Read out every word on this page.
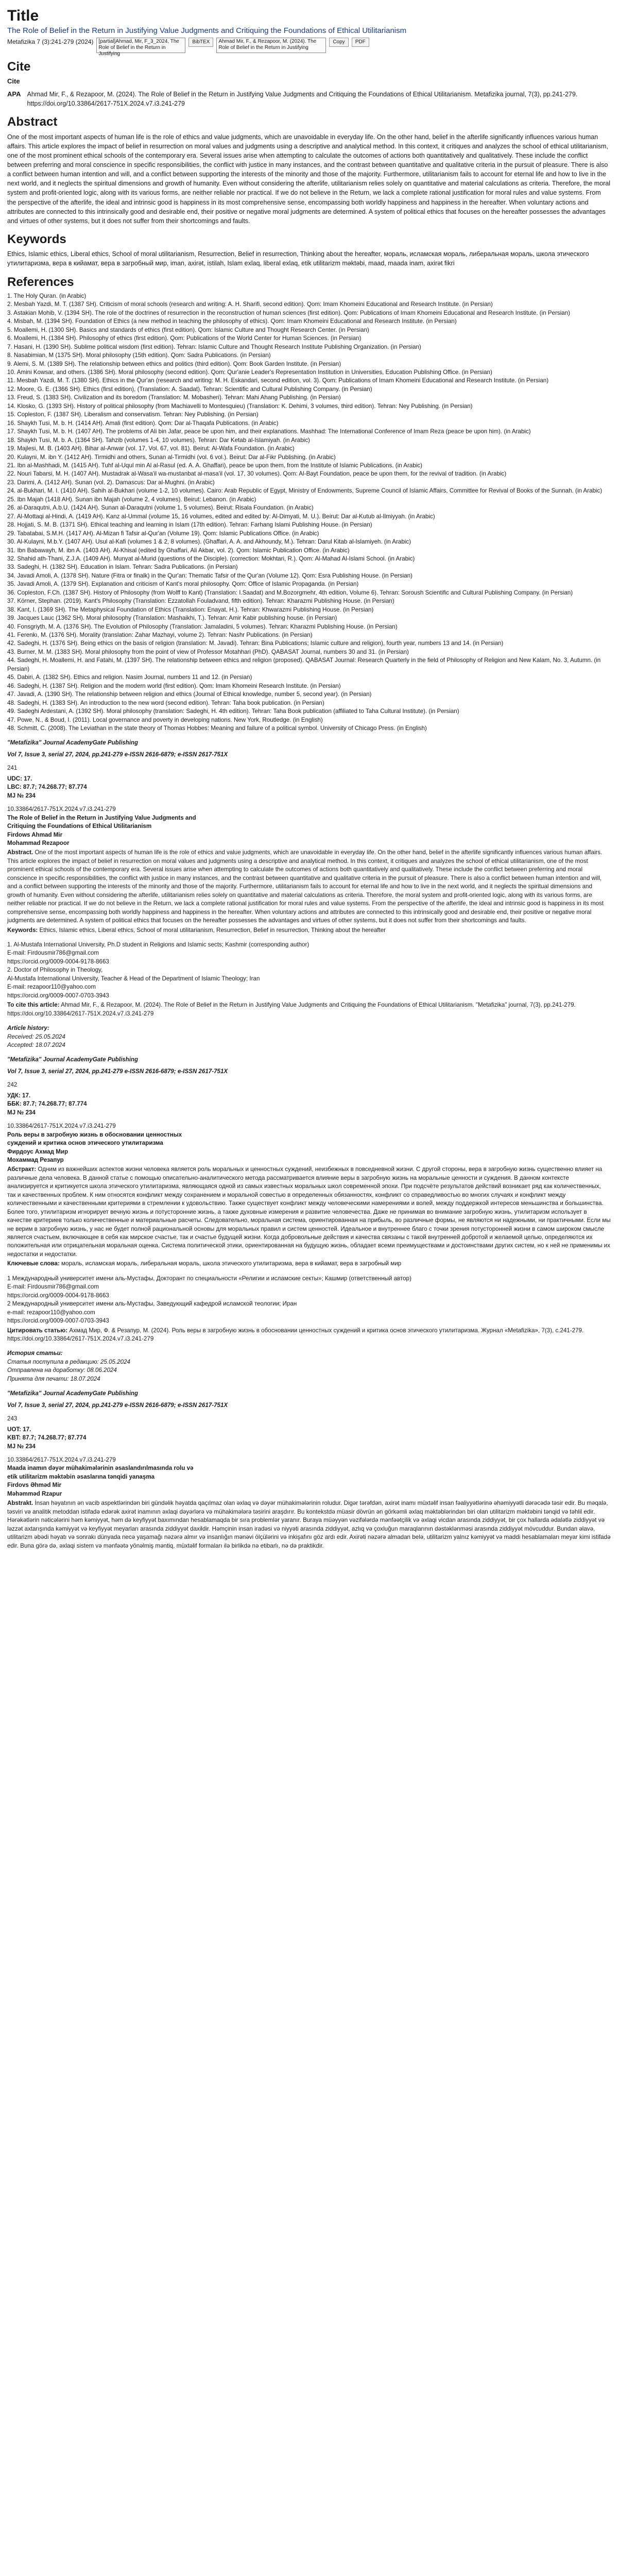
Title
The Role of Belief in the Return in Justifying Value Judgments and Critiquing the Foundations of Ethical Utilitarianism
Metafizika 7 (3):241-279 (2024)	[partial]Ahmad, Mir, F_3_2024, The Role of Belief in the Return in Justifying
BibTEX	Ahmad Mir, F., & Rezapoor, M. (2024). The Role of Belief in the Return in Justifying
Copy	PDF
Cite
Cite
APA Ahmad Mir, F., & Rezapoor, M. (2024). The Role of Belief in the Return in Justifying Value Judgments and Critiquing the Foundations of Ethical Utilitarianism. Metafizika journal, 7(3), pp.241-279. https://doi.org/10.33864/2617-751X.2024.v7.i3.241-279
Abstract

One of the most important aspects of human life is the role of ethics and value judgments, which are unavoidable in everyday life. On the other hand, belief in the afterlife significantly influences various human affairs. This article explores the impact of belief in resurrection on moral values and judgments using a descriptive and analytical method. In this context, it critiques and analyzes the school of ethical utilitarianism, one of the most prominent ethical schools of the contemporary era. Several issues arise when attempting to calculate the outcomes of actions both quantitatively and qualitatively. These include the conflict between preferring and moral conscience in specific responsibilities, the conflict with justice in many instances, and the contrast between quantitative and qualitative criteria in the pursuit of pleasure. There is also a conflict between human intention and will, and a conflict between supporting the interests of the minority and those of the majority. Furthermore, utilitarianism fails to account for eternal life and how to live in the next world, and it neglects the spiritual dimensions and growth of humanity. Even without considering the afterlife, utilitarianism relies solely on quantitative and material calculations as criteria. Therefore, the moral system and profit-oriented logic, along with its various forms, are neither reliable nor practical. If we do not believe in the Return, we lack a complete rational justification for moral rules and value systems. From the perspective of the afterlife, the ideal and intrinsic good is happiness in its most comprehensive sense, encompassing both worldly happiness and happiness in the hereafter. When voluntary actions and attributes are connected to this intrinsically good and desirable end, their positive or negative moral judgments are determined. A system of political ethics that focuses on the hereafter possesses the advantages and virtues of other systems, but it does not suffer from their shortcomings and faults.

Keywords

Ethics, Islamic ethics, Liberal ethics, School of moral utilitarianism, Resurrection, Belief in resurrection, Thinking about the hereafter, мораль, исламская мораль, либеральная мораль, школа этического утилитаризма, вера в кийамат, вера в загробный мир, iman, axirət, istilah, Islam exlaq, liberal exlaq, etik utilitarizm məktəbi, maad, maada inam, axirət fikri

References
1. The Holy Quran. (in Arabic)
2. Mesbah Yazdi, M. T. (1387 SH). Criticism of moral schools (research and writing: A. H. Sharifi, second edition). Qom: Imam Khomeini Educational and Research Institute. (in Persian)
3. Astakian Mohib, V. (1394 SH). The role of the doctrines of resurrection in the reconstruction of human sciences (first edition). Qom: Publications of Imam Khomeini Educational and Research Institute. (in Persian)
4. Misbah, M. (1394 SH). Foundation of Ethics (a new method in teaching the philosophy of ethics). Qom: Imam Khomeini Educational and Research Institute. (in Persian)
5. Moallemi, H. (1300 SH). Basics and standards of ethics (first edition). Qom: Islamic Culture and Thought Research Center. (in Persian)
6. Moallemi, H. (1384 SH). Philosophy of ethics (first edition). Qom: Publications of the World Center for Human Sciences. (in Persian)
7. Hasani, H. (1390 SH). Sublime political wisdom (first edition). Tehran: Islamic Culture and Thought Research Institute Publishing Organization. (in Persian)
8. Nasabimian, M (1375 SH). Moral philosophy (15th edition). Qom: Sadra Publications. (in Persian)
9. Alemi, S. M. (1389 SH). The relationship between ethics and politics (third edition). Qom: Book Garden Institute. (in Persian)
10. Amini Kowsar, and others. (1386 SH). Moral philosophy (second edition). Qom: Qur'anie Leader's Representation Institution in Universities, Education Publishing Office. (in Persian)
11. Mesbah Yazdi, M. T. (1380 SH). Ethics in the Qur'an (research and writing: M. H. Eskandari, second edition, vol. 3). Qom: Publications of Imam Khomeini Educational and Research Institute. (in Persian)
12. Moore, G. E. (1366 SH). Ethics (first edition), (Translation: A. Saadat). Tehran: Scientific and Cultural Publishing Company. (in Persian)
13. Freud, S. (1383 SH). Civilization and its boredom (Translation: M. Mobasheri). Tehran: Mahi Ahang Publishing. (in Persian)
14. Klosko, G. (1393 SH). History of political philosophy (from Machiavelli to Montesquieu) (Translation: K. Dehimi, 3 volumes, third edition). Tehran: Ney Publishing. (in Persian)
15. Copleston, F. (1387 SH). Liberalism and conservatism. Tehran: Ney Publishing. (in Persian)
16. Shaykh Tusi, M. b. H. (1414 AH). Amali (first edition). Qom: Dar al-Thaqafa Publications. (in Arabic)
17. Shaykh Tusi, M. b. H. (1407 AH). The problems of Ali bin Jafar, peace be upon him, and their explanations. Mashhad: The International Conference of Imam Reza (peace be upon him). (in Arabic)
18. Shaykh Tusi, M. b. A. (1364 SH). Tahzib (volumes 1-4, 10 volumes). Tehran: Dar Ketab al-Islamiyah. (in Arabic)
19. Majlesi, M. B. (1403 AH). Bihar al-Anwar (vol. 17, Vol. 67, vol. 81). Beirut: Al-Wafa Foundation. (in Arabic)
20. Kulayni, M. ibn Y. (1412 AH). Tirmidhi and others, Sunan al-Tirmidhi (vol. 6 vol.). Beirut: Dar al-Fikr Publishing. (in Arabic)
21. Ibn al-Mashhadi, M. (1415 AH). Tuhf al-Uqul min Al al-Rasul (ed. A. A. Ghaffari), peace be upon them, from the Institute of Islamic Publications. (in Arabic)
22. Nouri Tabarsi, M. H. (1407 AH). Mustadrak al-Wasa'il wa-mustanbat al-masa'il (vol. 17, 30 volumes). Qom: Al-Bayt Foundation, peace be upon them, for the revival of tradition. (in Arabic)
23. Darimi, A. (1412 AH). Sunan (vol. 2). Damascus: Dar al-Mughni. (in Arabic)
24. al-Bukhari, M. I. (1410 AH). Sahih al-Bukhari (volume 1-2, 10 volumes). Cairo: Arab Republic of Egypt, Ministry of Endowments, Supreme Council of Islamic Affairs, Committee for Revival of Books of the Sunnah. (in Arabic)
25. Ibn Majah (1418 AH). Sunan ibn Majah (volume 2, 4 volumes). Beirut: Lebanon. (in Arabic)
26. al-Daraqutni, A.b.U. (1424 AH). Sunan al-Daraqutni (volume 1, 5 volumes). Beirut: Risala Foundation. (in Arabic)
27. Al-Mottaqi al-Hindi, A. (1419 AH). Kanz al-Ummal (volume 15, 16 volumes, edited and edited by: Al-Dimyati, M. U.). Beirut: Dar al-Kutub al-Ilmiyyah. (in Arabic)
28. Hojjati, S. M. B. (1371 SH). Ethical teaching and learning in Islam (17th edition). Tehran: Farhang Islami Publishing House. (in Persian)
29. Tabatabai, S.M.H. (1417 AH). Al-Mizan fi Tafsir al-Qur'an (Volume 19). Qom: Islamic Publications Office. (in Arabic)
30. Al-Kulayni, M.b.Y. (1407 AH). Usul al-Kafi (volumes 1 & 2, 8 volumes). (Ghaffari, A. A. and Akhoundy, M.). Tehran: Darul Kitab al-Islamiyeh. (in Arabic)
31. Ibn Babawayh, M. ibn A. (1403 AH). Al-Khisal (edited by Ghaffari, Ali Akbar, vol. 2). Qom: Islamic Publication Office. (in Arabic)
32. Shahid ath-Thani, Z.J.A. (1409 AH). Munyat al-Murid (questions of the Disciple). (correction: Mokhtari, R.). Qom: Al-Mahad Al-Islami School. (in Arabic)
33. Sadeghi, H. (1382 SH). Education in Islam. Tehran: Sadra Publications. (in Persian)
34. Javadi Amoli, A. (1378 SH). Nature (Fitra or finalk) in the Qur'an: Thematic Tafsir of the Qur'an (Volume 12). Qom: Esra Publishing House. (in Persian)
35. Javadi Amoli, A. (1379 SH). Explanation and criticism of Kant's moral philosophy. Qom: Office of Islamic Propaganda. (in Persian)
36. Copleston, F.Ch. (1387 SH). History of Philosophy (from Wolff to Kant) (Translation: I.Saadat) and M.Bozorgmehr, 4th edition, Volume 6). Tehran: Soroush Scientific and Cultural Publishing Company. (in Persian)
37. Körner, Stephan. (2019). Kant's Philosophy (Translation: Ezzatollah Fouladvand, fifth edition). Tehran: Kharazmi Publishing House. (in Persian)
38. Kant, I. (1369 SH). The Metaphysical Foundation of Ethics (Translation: Enayat, H.). Tehran: Khwarazmi Publishing House. (in Persian)
39. Jacques Lauc (1362 SH). Moral philosophy (Translation: Mashaikhi, T.). Tehran: Amir Kabir publishing house. (in Persian)
40. Fonsgriyth, M. A. (1376 SH). The Evolution of Philosophy (Translation: Jamaladini, 5 volumes). Tehran: Kharazmi Publishing House. (in Persian)
41. Ferenkı, M. (1376 SH). Morality (translation: Zahar Mazhayi, volume 2). Tehran: Nashr Publications. (in Persian)
42. Sadeghi, H. (1376 SH). Being ethics on the basis of religion (translation: M. Javadi). Tehran: Bina Publications; Islamic culture and religion), fourth year, numbers 13 and 14. (in Persian)
43. Burner, M. M. (1383 SH). Moral philosophy from the point of view of Professor Motahhari (PhD). QABASAT Journal, numbers 30 and 31. (in Persian)
44. Sadeghi, H. Moallemi, H. and Fatahi, M. (1397 SH). The relationship between ethics and religion (proposed). QABASAT Journal: Research Quarterly in the field of Philosophy of Religion and New Kalam, No. 3, Autumn. (in Persian)
45. Dabiri, A. (1382 SH). Ethics and religion. Nasim Journal, numbers 11 and 12. (in Persian)
46. Sadeghi, H. (1387 SH). Religion and the modern world (first edition). Qom: Imam Khomeini Research Institute. (in Persian)
47. Javadi, A. (1390 SH). The relationship between religion and ethics (Journal of Ethical knowledge, number 5, second year). (in Persian)
48. Sadeghi, H. (1383 SH). An introduction to the new word (second edition). Tehran: Taha book publication. (in Persian)
49. Sadeghi Ardestani, A. (1392 SH). Moral philosophy (translation: Sadeghi, H. 4th edition). Tehran: Taha Book publication (affiliated to Taha Cultural Institute). (in Persian)
47. Powe, N., & Boud, I. (2011). Local governance and poverty in developing nations. New York, Routledge. (in English)
48. Schmitt, C. (2008). The Leviathan in the state theory of Thomas Hobbes: Meaning and failure of a political symbol. University of Chicago Press. (in English)
"Metafizika" Journal AcademyGate Publishing
Vol 7, Issue 3, serial 27, 2024, pp.241-279 e-ISSN 2616-6879; e-ISSN 2617-751X
241
UDC: 17.
LBC: 87.7; 74.268.77; 87.774
MJ № 234
10.33864/2617-751X.2024.v7.i3.241-279
The Role of Belief in the Return in Justifying Value Judgments and
Critiquing the Foundations of Ethical Utilitarianism
Firdows Ahmad Mir
Mohammad Rezapoor

Abstract. One of the most important aspects of human life is the role of ethics and value judgments, which are unavoidable in everyday life. On the other hand, belief in the afterlife significantly influences various human affairs. This article explores the impact of belief in resurrection on moral values and judgments using a descriptive and analytical method. In this context, it critiques and analyzes the school of ethical utilitarianism, one of the most prominent ethical schools of the contemporary era. Several issues arise when attempting to calculate the outcomes of actions both quantitatively and qualitatively. These include the conflict between preferring and moral conscience in specific responsibilities, the conflict with justice in many instances, and the contrast between quantitative and qualitative criteria in the pursuit of pleasure. There is also a conflict between human intention and will, and a conflict between supporting the interests of the minority and those of the majority. Furthermore, utilitarianism fails to account for eternal life and how to live in the next world, and it neglects the spiritual dimensions and growth of humanity. Even without considering the afterlife, utilitarianism relies solely on quantitative and material calculations as criteria. Therefore, the moral system and profit-oriented logic, along with its various forms, are neither reliable nor practical. If we do not believe in the Return, we lack a complete rational justification for moral rules and value systems. From the perspective of the afterlife, the ideal and intrinsic good is happiness in its most comprehensive sense, encompassing both worldly happiness and happiness in the hereafter. When voluntary actions and attributes are connected to this intrinsically good and desirable end, their positive or negative moral judgments are determined. A system of political ethics that focuses on the hereafter possesses the advantages and virtues of other systems, but it does not suffer from their shortcomings and faults.

Keywords: Ethics, Islamic ethics, Liberal ethics, School of moral utilitarianism, Resurrection, Belief in resurrection, Thinking about the hereafter

1. Al-Mustafa International University, Ph.D student in Religions and Islamic sects; Kashmir (corresponding author)
E-mail: Firdousmir786@gmail.com
https://orcid.org/0009-0004-9178-8663
2. Doctor of Philosophy in Theology,
Al-Mustafa International University, Teacher & Head of the Department of Islamic Theology; Iran
E-mail: rezapoor110@yahoo.com
https://orcid.org/0009-0007-0703-3943

To cite this article: Ahmad Mir, F., & Rezapoor, M. (2024). The Role of Belief in the Return in Justifying Value Judgments and Critiquing the Foundations of Ethical Utilitarianism. "Metafizika" journal, 7(3), pp.241-279. https://doi.org/10.33864/2617-751X.2024.v7.i3.241-279

Article history:
Received: 25.05.2024
Accepted: 18.07.2024
"Metafizika" Journal AcademyGate Publishing
Vol 7, Issue 3, serial 27, 2024, pp.241-279 e-ISSN 2616-6879; e-ISSN 2617-751X
242
УДК: 17.
ББК: 87.7; 74.268.77; 87.774
MJ № 234
10.33864/2617-751X.2024.v7.i3.241-279
Роль веры в загробную жизнь в обосновании ценностных
суждений и критика основ этического утилитаризма
Фирдоус Ахмад Мир
Мохаммад Резапур

Абстракт: Одним из важнейших аспектов жизни человека является роль моральных и ценностных суждений, неизбежных в повседневной жизни. С другой стороны, вера в загробную жизнь существенно влияет на различные дела человека. В данной статье с помощью описательно-аналитического метода рассматривается влияние веры в загробную жизнь на моральные ценности и суждения. В данном контексте анализируется и критикуется школа этического утилитаризма, являющаяся одной из самых известных моральных школ современной эпохи. При подсчёте результатов действий возникает ряд как количественных, так и качественных проблем. К ним относятся конфликт между сохранением и моральной совестью в определенных обязанностях, конфликт со справедливостью во многих случаях и конфликт между количественными и качественными критериями в стремлении к удовольствию. Также существует конфликт между человеческими намерениями и волей, между поддержкой интересов меньшинства и большинства. Более того, утилитаризм игнорирует вечную жизнь и потусторонние жизнь, а также духовные измерения и развитие человечества. Даже не принимая во внимание загробную жизнь, утилитаризм использует в качестве критериев только количественные и материальные расчеты. Следовательно, моральная система, ориентированная на прибыль, во различные формы, не являются ни надежными, ни практичными. Если мы не верим в загробную жизнь, у нас не будет полной рациональной основы для моральных правил и систем ценностей. Идеальное и внутреннее благо с точки зрения потусторонней жизни в самом широком смысле является счастьем, включающее в себя как мирское счастье, так и счастье будущей жизни. Когда добровольные действия и качества связаны с такой внутренней добротой и желаемой целью, определяются их положительная или отрицательная моральная оценка. Система политической этики, ориентированная на будущую жизнь, обладает всеми преимуществами и достоинствами других систем, но к ней не применимы их недостатки и недостатки.

Ключевые слова: мораль, исламская мораль, либеральная мораль, школа этического утилитаризма, вера в кийамат, вера в загробный мир

1 Международный университет имени аль-Мустафы, Докторант по специальности «Религии и исламские секты»; Кашмир (ответственный автор)
E-mail: Firdousmir786@gmail.com
https://orcid.org/0009-0004-9178-8663
2 Международный университет имени аль-Мустафы, Заведующий кафедрой исламской теологии; Иран
e-mail: rezapoor110@yahoo.com
https://orcid.org/0009-0007-0703-3943

Цитировать статью: Ахмад Мир, Ф. & Резапур, М. (2024). Роль веры в загробную жизнь в обосновании ценностных суждений и критика основ этического утилитаризма. Журнал «Metafizika», 7(3), с.241-279. https://doi.org/10.33864/2617-751X.2024.v7.i3.241-279

История статьи:
Статья поступила в редакцию: 25.05.2024
Отправлена на доработку: 08.06.2024
Принята для печати: 18.07.2024
"Metafizika" Journal AcademyGate Publishing
Vol 7, Issue 3, serial 27, 2024, pp.241-279 e-ISSN 2616-6879; e-ISSN 2617-751X
243
UOT: 17.
KBT: 87.7; 74.268.77; 87.774
MJ № 234
10.33864/2617-751X.2024.v7.i3.241-279
Maada inamın dəyər mühakimələrinin əsaslandırılmasında rolu və
etik utilitarizm məktəbin əsaslarına tənqidi yanaşma
Firdovs Əhməd Mir
Məhəmməd Rzapur

Abstrakt. İnsan həyatının ən vacib aspektlərindən biri gündəlik həyatda qaçılmaz olan əxlaq və dəyər mühakimələrinin roludur. Digər tərəfdən, axirət inamı müxtəlif insan fəaliyyətlərinə əhəmiyyətli dərəcədə təsir edir. Bu məqalə, təsviri və analitik metoddan istifadə edərək axirət inamının əxlaqi dəyərlərə və mühakimələrə təsirini araşdırır. Bu kontekstdə müasir dövrün ən görkəmli əxlaq məktəblərindən biri olan utilitarizm məktəbini tənqid və təhlil edir. Hərəkətlərin nəticələrini həm kəmiyyət, həm də keyfiyyət baxımından hesablamaqda bir sıra problemlər yaranır. Buraya müəyyən vəzifələrdə mənfəətçilik və əxlaqi vicdan arasında ziddiyyət, bir çox hallarda ədalətlə ziddiyyət və ləzzət axtarışında kəmiyyət və keyfiyyət meyarları arasında ziddiyyət daxildir. Həmçinin insan iradəsi və niyyəti arasında ziddiyyət, azlıq və çoxluğun maraqlarının dəstəklənməsi arasında ziddiyyət mövcuddur. Bundan əlavə, utilitarizm əbədi həyatı və sonrakı dünyada necə yaşamağı nəzərə almır və insanlığın mənəvi ölçülərini və inkişafını göz ardı edir. Axirəti nəzərə almadan belə, utilitarizm yalnız kəmiyyət və maddi hesablamaları meyar kimi istifadə edir. Buna görə də, əxlaqi sistem və mənfəətə yönəlmiş məntiq, müxtəlif formaları ilə birlikdə nə etibarlı, nə də praktikdir.
